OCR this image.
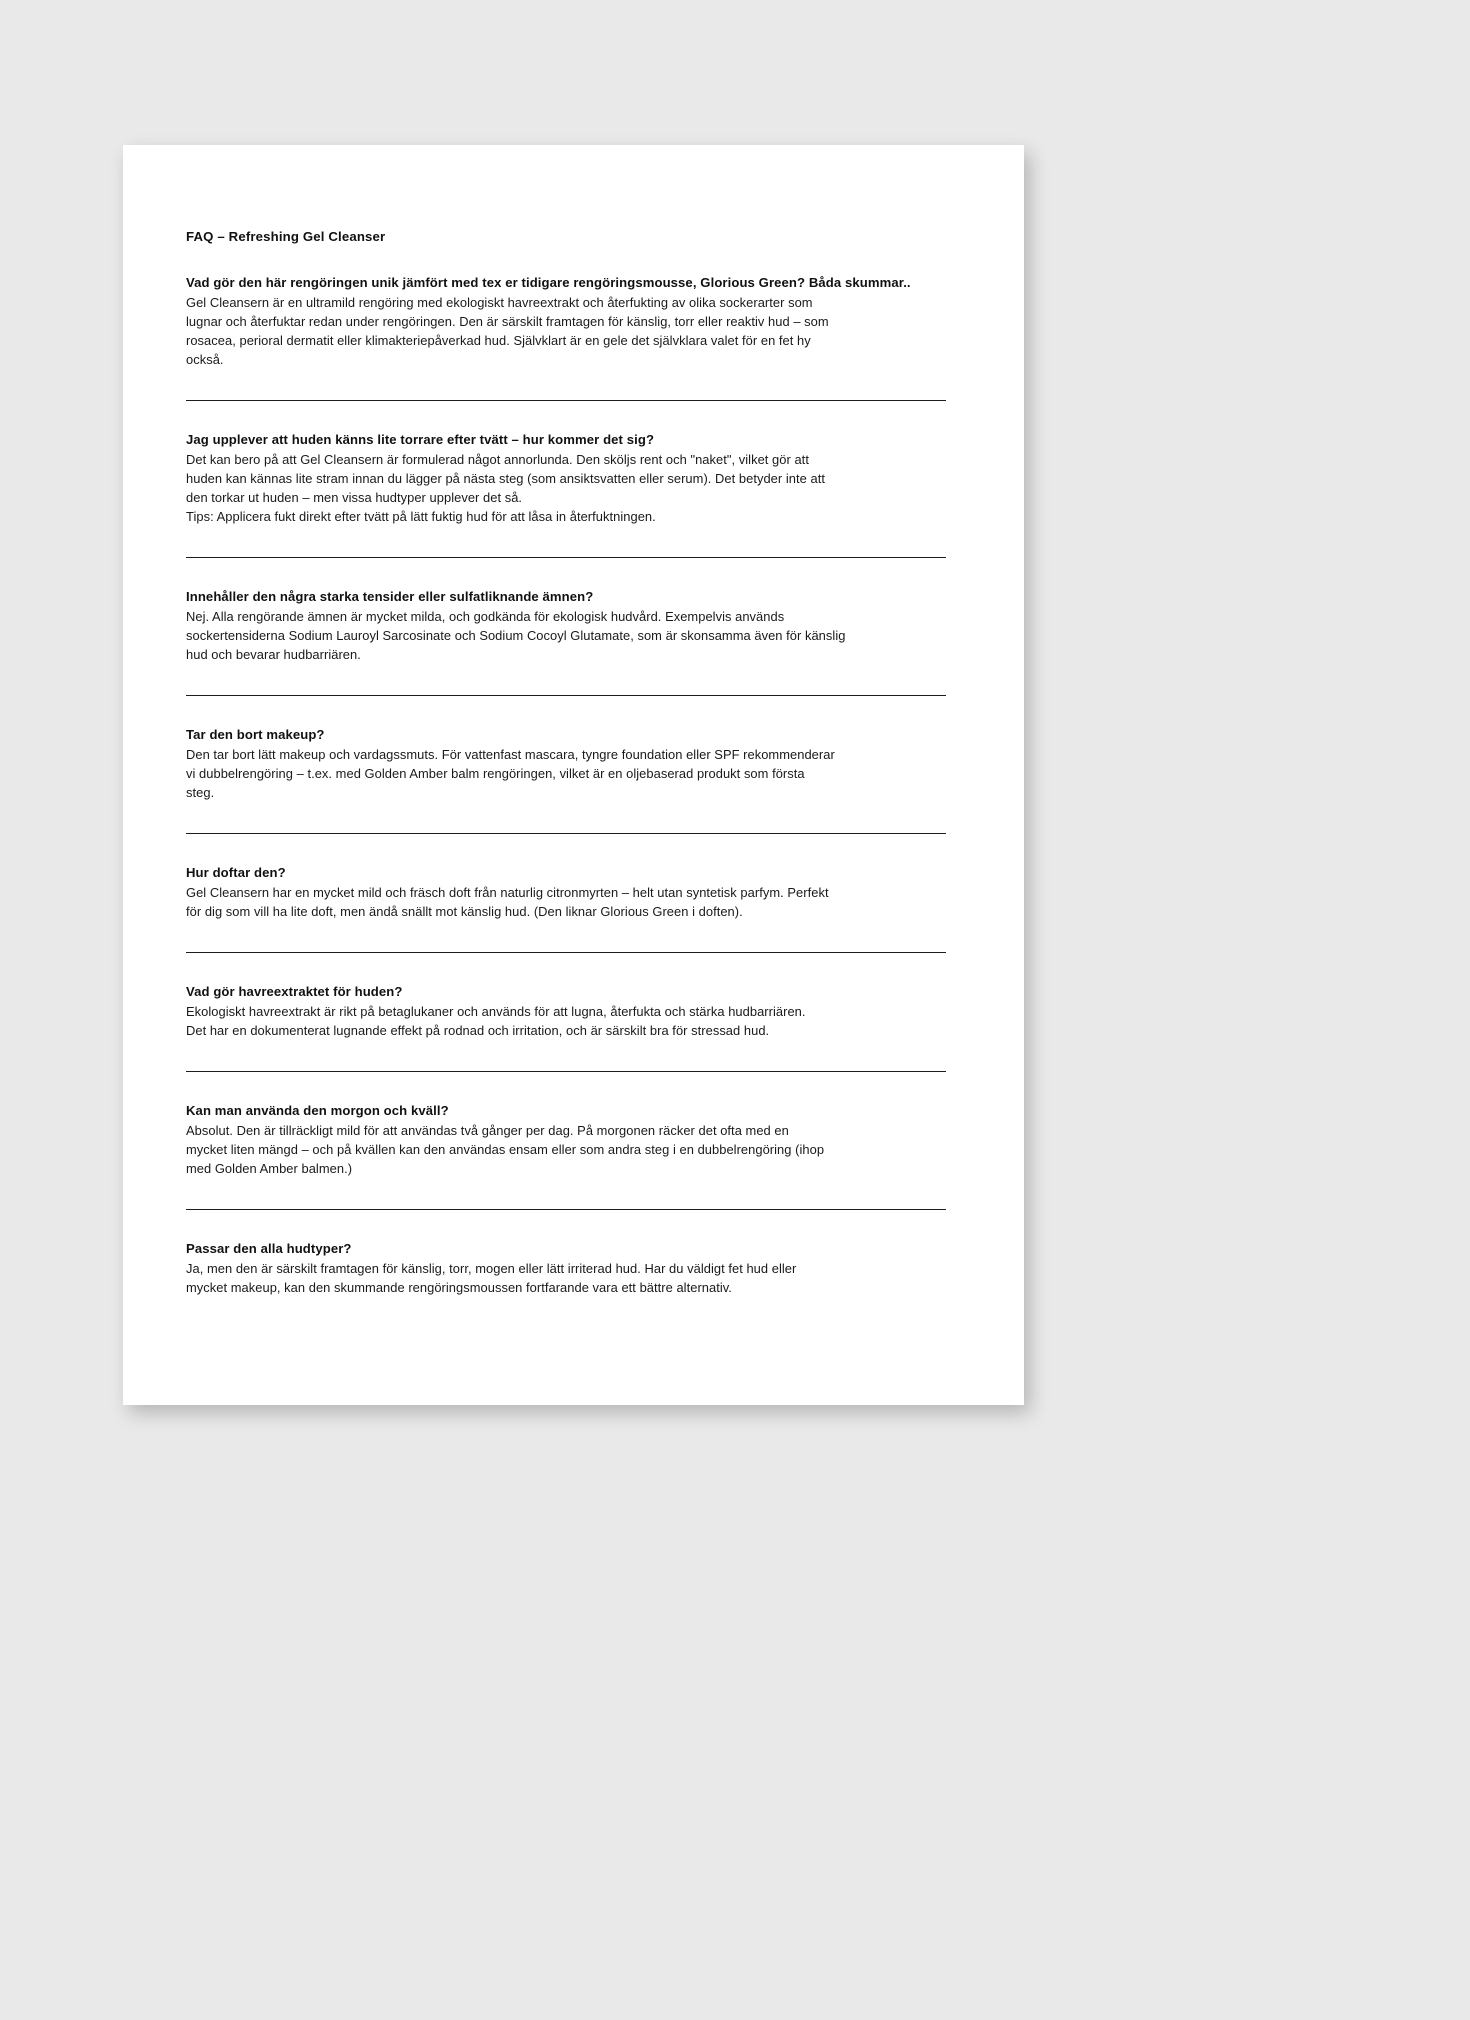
FAQ – Refreshing Gel Cleanser

Vad gör den här rengöringen unik jämfört med tex er tidigare rengöringsmousse, Glorious Green? Båda skummar..

Gel Cleansern är en ultramild rengöring med ekologiskt havreextrakt och återfukting av olika sockerarter som
lugnar och återfuktar redan under rengöringen. Den är särskilt framtagen för känslig, torr eller reaktiv hud – som
rosacea, perioral dermatit eller klimakteriepåverkad hud. Självklart är en gele det självklara valet för en fet hy
också.

Jag upplever att huden känns lite torrare efter tvätt – hur kommer det sig?

Det kan bero på att Gel Cleansern är formulerad något annorlunda. Den sköljs rent och "naket", vilket gör att
huden kan kännas lite stram innan du lägger på nästa steg (som ansiktsvatten eller serum). Det betyder inte att
den torkar ut huden – men vissa hudtyper upplever det så.
Tips: Applicera fukt direkt efter tvätt på lätt fuktig hud för att låsa in återfuktningen.

Innehåller den några starka tensider eller sulfatliknande ämnen?

Nej. Alla rengörande ämnen är mycket milda, och godkända för ekologisk hudvård. Exempelvis används
sockertensiderna Sodium Lauroyl Sarcosinate och Sodium Cocoyl Glutamate, som är skonsamma även för känslig
hud och bevarar hudbarriären.

Tar den bort makeup?

Den tar bort lätt makeup och vardagssmuts. För vattenfast mascara, tyngre foundation eller SPF rekommenderar
vi dubbelrengöring – t.ex. med Golden Amber balm rengöringen, vilket är en oljebaserad produkt som första
steg.

Hur doftar den?

Gel Cleansern har en mycket mild och fräsch doft från naturlig citronmyrten – helt utan syntetisk parfym. Perfekt
för dig som vill ha lite doft, men ändå snällt mot känslig hud. (Den liknar Glorious Green i doften).

Vad gör havreextraktet för huden?

Ekologiskt havreextrakt är rikt på betaglukaner och används för att lugna, återfukta och stärka hudbarriären.
Det har en dokumenterat lugnande effekt på rodnad och irritation, och är särskilt bra för stressad hud.

Kan man använda den morgon och kväll?

Absolut. Den är tillräckligt mild för att användas två gånger per dag. På morgonen räcker det ofta med en
mycket liten mängd – och på kvällen kan den användas ensam eller som andra steg i en dubbelrengöring (ihop
med Golden Amber balmen.)

Passar den alla hudtyper?

Ja, men den är särskilt framtagen för känslig, torr, mogen eller lätt irriterad hud. Har du väldigt fet hud eller
mycket makeup, kan den skummande rengöringsmoussen fortfarande vara ett bättre alternativ.
